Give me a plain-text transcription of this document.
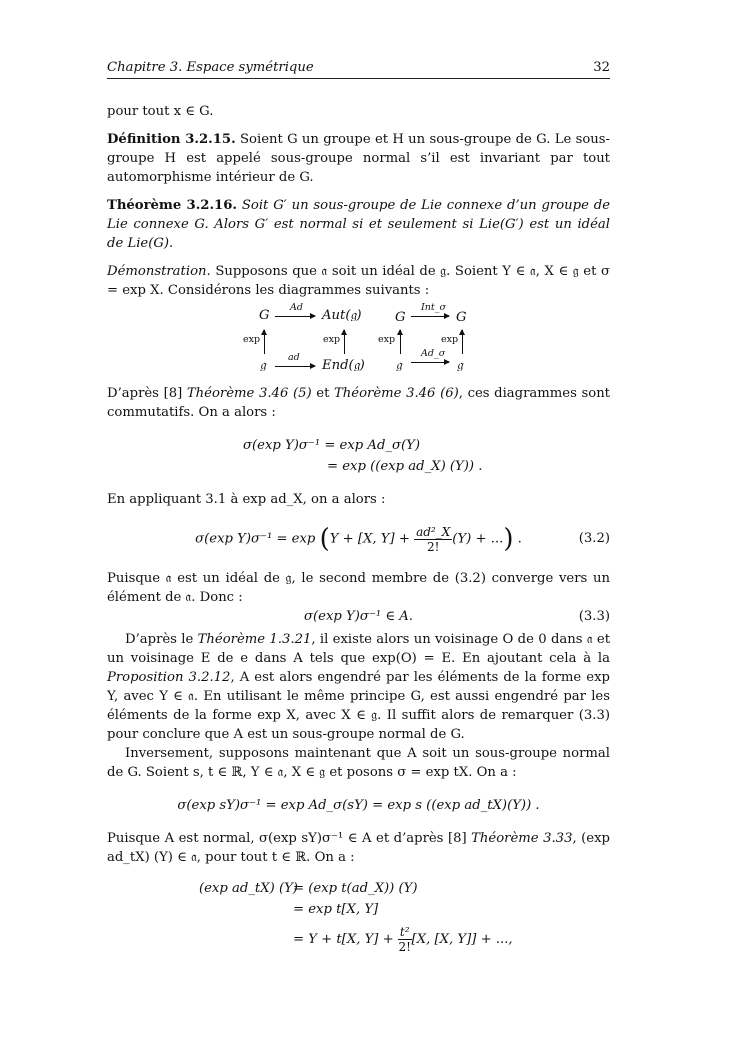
Chapitre 3. Espace symétrique	32

pour tout x ∈ G.

Définition 3.2.15. Soient G un groupe et H un sous-groupe de G. Le sous-groupe H est appelé sous-groupe normal s’il est invariant par tout automorphisme intérieur de G.

Théorème 3.2.16. Soit G′ un sous-groupe de Lie connexe d’un groupe de Lie connexe G. Alors G′ est normal si et seulement si Lie(G′) est un idéal de Lie(G).

Démonstration. Supposons que 𝔞 soit un idéal de 𝔤. Soient Y ∈ 𝔞, X ∈ 𝔤 et σ = exp X. Considérons les diagrammes suivants :

G	Aut(𝔤)
Ad
𝔤	End(𝔤)
ad
exp	exp
G	G
Int_σ
𝔤	𝔤
Ad_σ
exp	exp

D’après [8] Théorème 3.46 (5) et Théorème 3.46 (6), ces diagrammes sont commutatifs. On a alors :

σ(exp Y)σ⁻¹ = exp Ad_σ(Y)
= exp ((exp ad_X) (Y)) .

En appliquant 3.1 à exp ad_X, on a alors :

σ(exp Y)σ⁻¹ = exp (Y + [X, $Y] + \frac{\text{ad²\_X}}{2!} (Y)$ + ...) .	(3.2)

Puisque 𝔞 est un idéal de 𝔤, le second membre de (3.2) converge vers un élément de 𝔞. Donc :

σ(exp Y)σ⁻¹ ∈ A.	(3.3)

D’après le Théorème 1.3.21, il existe alors un voisinage O de 0 dans 𝔞 et un voisinage E de e dans A tels que exp(O) = E. En ajoutant cela à la Proposition 3.2.12, A est alors engendré par les éléments de la forme exp Y, avec Y ∈ 𝔞. En utilisant le même principe G, est aussi engendré par les éléments de la forme exp X, avec X ∈ 𝔤. Il suffit alors de remarquer (3.3) pour conclure que A est un sous-groupe normal de G.

Inversement, supposons maintenant que A soit un sous-groupe normal de G. Soient s, t ∈ ℝ, Y ∈ 𝔞, X ∈ 𝔤 et posons σ = exp tX. On a :

σ(exp sY)σ⁻¹ = exp Ad_σ(sY) = exp s ((exp ad_tX)(Y)) .

Puisque A est normal, σ(exp sY)σ⁻¹ ∈ A et d’après [8] Théorème 3.33, (exp ad_tX) (Y) ∈ 𝔞, pour tout t ∈ ℝ. On a :

(exp ad_tX) (Y)
= (exp t(ad_X)) (Y)
= exp t[X, Y]
= Y + t[X, $Y] + \frac{\text{t²}}{2!} [X$, [X, Y]] + ...,
